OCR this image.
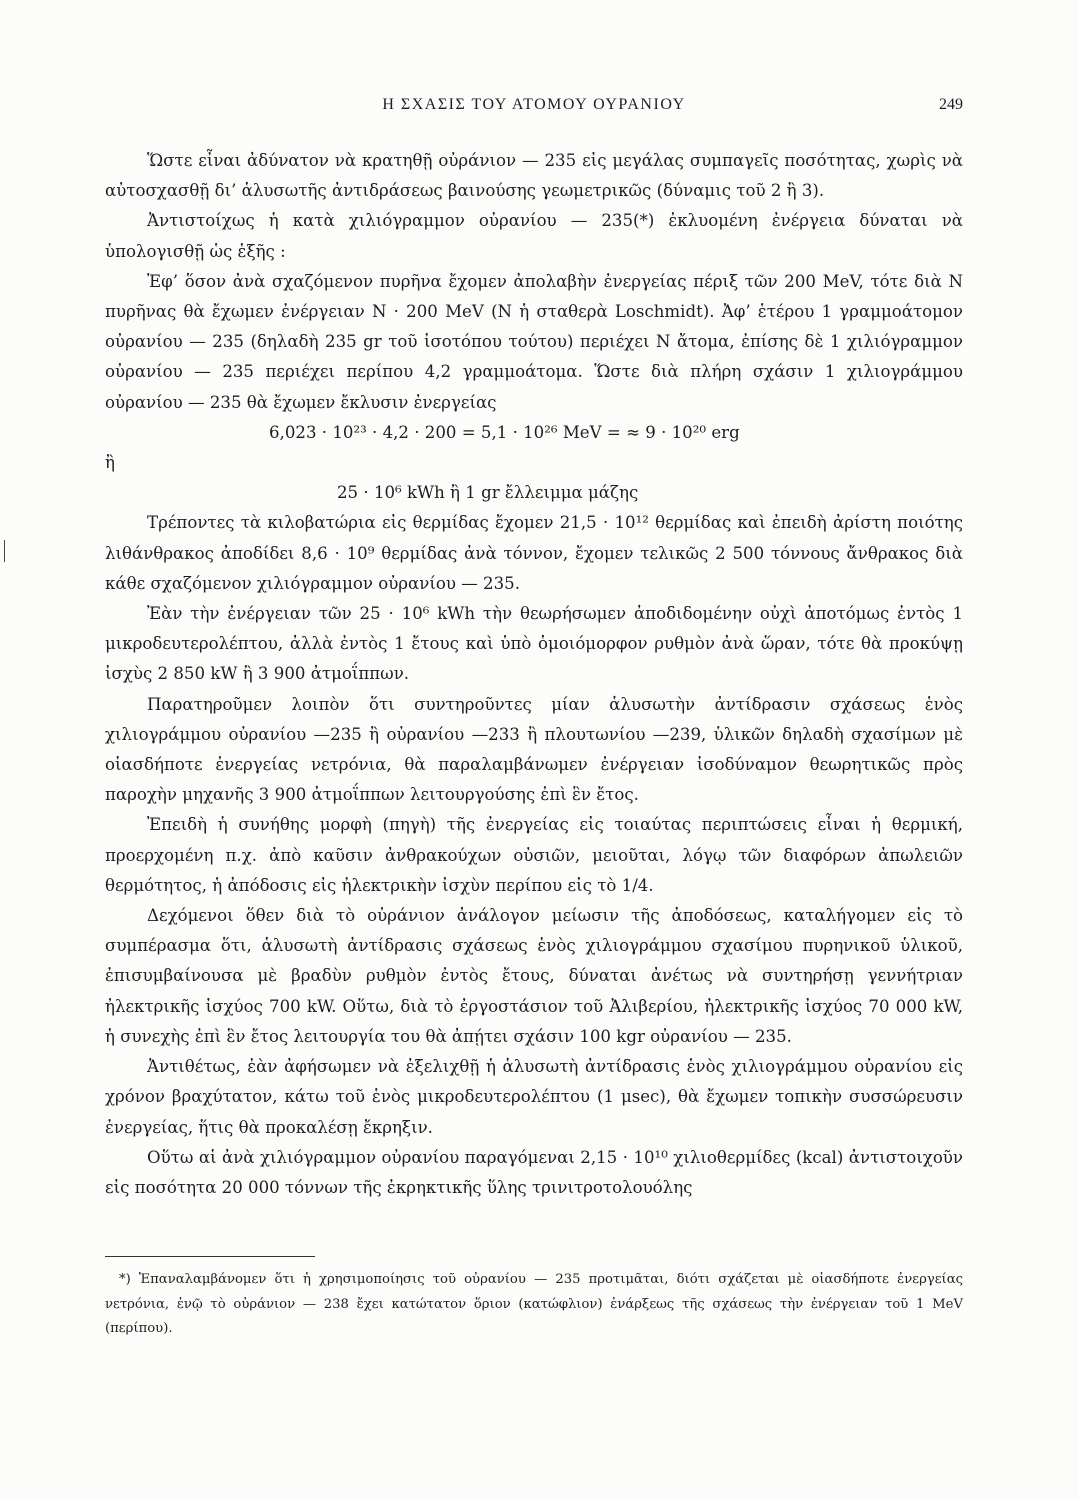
Η ΣΧΑΣΙΣ ΤΟΥ ΑΤΟΜΟΥ ΟΥΡΑΝΙΟΥ	249

Ὥστε εἶναι ἀδύνατον νὰ κρατηθῇ οὐράνιον — 235 εἰς μεγάλας συμπαγεῖς ποσότητας, χωρὶς νὰ αὐτοσχασθῇ δι’ ἁλυσωτῆς ἀντιδράσεως βαινούσης γεωμετρικῶς (δύναμις τοῦ 2 ἢ 3).

Ἀντιστοίχως ἡ κατὰ χιλιόγραμμον οὐρανίου — 235(*) ἐκλυομένη ἐνέργεια δύναται νὰ ὑπολογισθῇ ὡς ἑξῆς :

Ἐφ’ ὅσον ἀνὰ σχαζόμενον πυρῆνα ἔχομεν ἀπολαβὴν ἐνεργείας πέριξ τῶν 200 MeV, τότε διὰ N πυρῆνας θὰ ἔχωμεν ἐνέργειαν N · 200 MeV (N ἡ σταθερὰ Loschmidt). Ἀφ’ ἑτέρου 1 γραμμοάτομον οὐρανίου — 235 (δηλαδὴ 235 gr τοῦ ἰσοτόπου τούτου) περιέχει N ἄτομα, ἐπίσης δὲ 1 χιλιόγραμμον οὐρανίου — 235 περιέχει περίπου 4,2 γραμμοάτομα. Ὥστε διὰ πλήρη σχάσιν 1 χιλιογράμμου οὐρανίου — 235 θὰ ἔχωμεν ἔκλυσιν ἐνεργείας

6,023 · 10²³ · 4,2 · 200 = 5,1 · 10²⁶ MeV = ≈ 9 · 10²⁰ erg

ἢ

25 · 10⁶ kWh ἢ 1 gr ἔλλειμμα μάζης

Τρέποντες τὰ κιλοβατώρια εἰς θερμίδας ἔχομεν 21,5 · 10¹² θερμίδας καὶ ἐπειδὴ ἀρίστη ποιότης λιθάνθρακος ἀποδίδει 8,6 · 10⁹ θερμίδας ἀνὰ τόννον, ἔχομεν τελικῶς 2 500 τόννους ἄνθρακος διὰ κάθε σχαζόμενον χιλιόγραμμον οὐρανίου — 235.

Ἐὰν τὴν ἐνέργειαν τῶν 25 · 10⁶ kWh τὴν θεωρήσωμεν ἀποδιδομένην οὐχὶ ἀποτόμως ἐντὸς 1 μικροδευτερολέπτου, ἀλλὰ ἐντὸς 1 ἔτους καὶ ὑπὸ ὁμοιόμορφον ρυθμὸν ἀνὰ ὥραν, τότε θὰ προκύψῃ ἰσχὺς 2 850 kW ἢ 3 900 ἀτμοΐππων.

Παρατηροῦμεν λοιπὸν ὅτι συντηροῦντες μίαν ἁλυσωτὴν ἀντίδρασιν σχάσεως ἑνὸς χιλιογράμμου οὐρανίου —235 ἢ οὐρανίου —233 ἢ πλουτωνίου —239, ὑλικῶν δηλαδὴ σχασίμων μὲ οἱασδήποτε ἐνεργείας νετρόνια, θὰ παραλαμβάνωμεν ἐνέργειαν ἰσοδύναμον θεωρητικῶς πρὸς παροχὴν μηχανῆς 3 900 ἀτμοΐππων λειτουργούσης ἐπὶ ἓν ἔτος.

Ἐπειδὴ ἡ συνήθης μορφὴ (πηγὴ) τῆς ἐνεργείας εἰς τοιαύτας περιπτώσεις εἶναι ἡ θερμική, προερχομένη π.χ. ἀπὸ καῦσιν ἀνθρακούχων οὐσιῶν, μειοῦται, λόγῳ τῶν διαφόρων ἀπωλειῶν θερμότητος, ἡ ἀπόδοσις εἰς ἠλεκτρικὴν ἰσχὺν περίπου εἰς τὸ 1/4.

Δεχόμενοι ὅθεν διὰ τὸ οὐράνιον ἀνάλογον μείωσιν τῆς ἀποδόσεως, καταλήγομεν εἰς τὸ συμπέρασμα ὅτι, ἁλυσωτὴ ἀντίδρασις σχάσεως ἑνὸς χιλιογράμμου σχασίμου πυρηνικοῦ ὑλικοῦ, ἐπισυμβαίνουσα μὲ βραδὺν ρυθμὸν ἐντὸς ἔτους, δύναται ἀνέτως νὰ συντηρήσῃ γεννήτριαν ἠλεκτρικῆς ἰσχύος 700 kW. Οὕτω, διὰ τὸ ἐργοστάσιον τοῦ Ἀλιβερίου, ἠλεκτρικῆς ἰσχύος 70 000 kW, ἡ συνεχὴς ἐπὶ ἓν ἔτος λειτουργία του θὰ ἀπῄτει σχάσιν 100 kgr οὐρανίου — 235.

Ἀντιθέτως, ἐὰν ἀφήσωμεν νὰ ἐξελιχθῇ ἡ ἁλυσωτὴ ἀντίδρασις ἑνὸς χιλιογράμμου οὐρανίου εἰς χρόνον βραχύτατον, κάτω τοῦ ἑνὸς μικροδευτερολέπτου (1 μsec), θὰ ἔχωμεν τοπικὴν συσσώρευσιν ἐνεργείας, ἥτις θὰ προκαλέσῃ ἔκρηξιν.

Οὕτω αἱ ἀνὰ χιλιόγραμμον οὐρανίου παραγόμεναι 2,15 · 10¹⁰ χιλιοθερμίδες (kcal) ἀντιστοιχοῦν εἰς ποσότητα 20 000 τόννων τῆς ἐκρηκτικῆς ὕλης τρινιτροτολουόλης

*) Ἐπαναλαμβάνομεν ὅτι ἡ χρησιμοποίησις τοῦ οὐρανίου — 235 προτιμᾶται, διότι σχάζεται μὲ οἱασδήποτε ἐνεργείας νετρόνια, ἐνῷ τὸ οὐράνιον — 238 ἔχει κατώτατον ὅριον (κατώφλιον) ἐνάρξεως τῆς σχάσεως τὴν ἐνέργειαν τοῦ 1 MeV (περίπου).
